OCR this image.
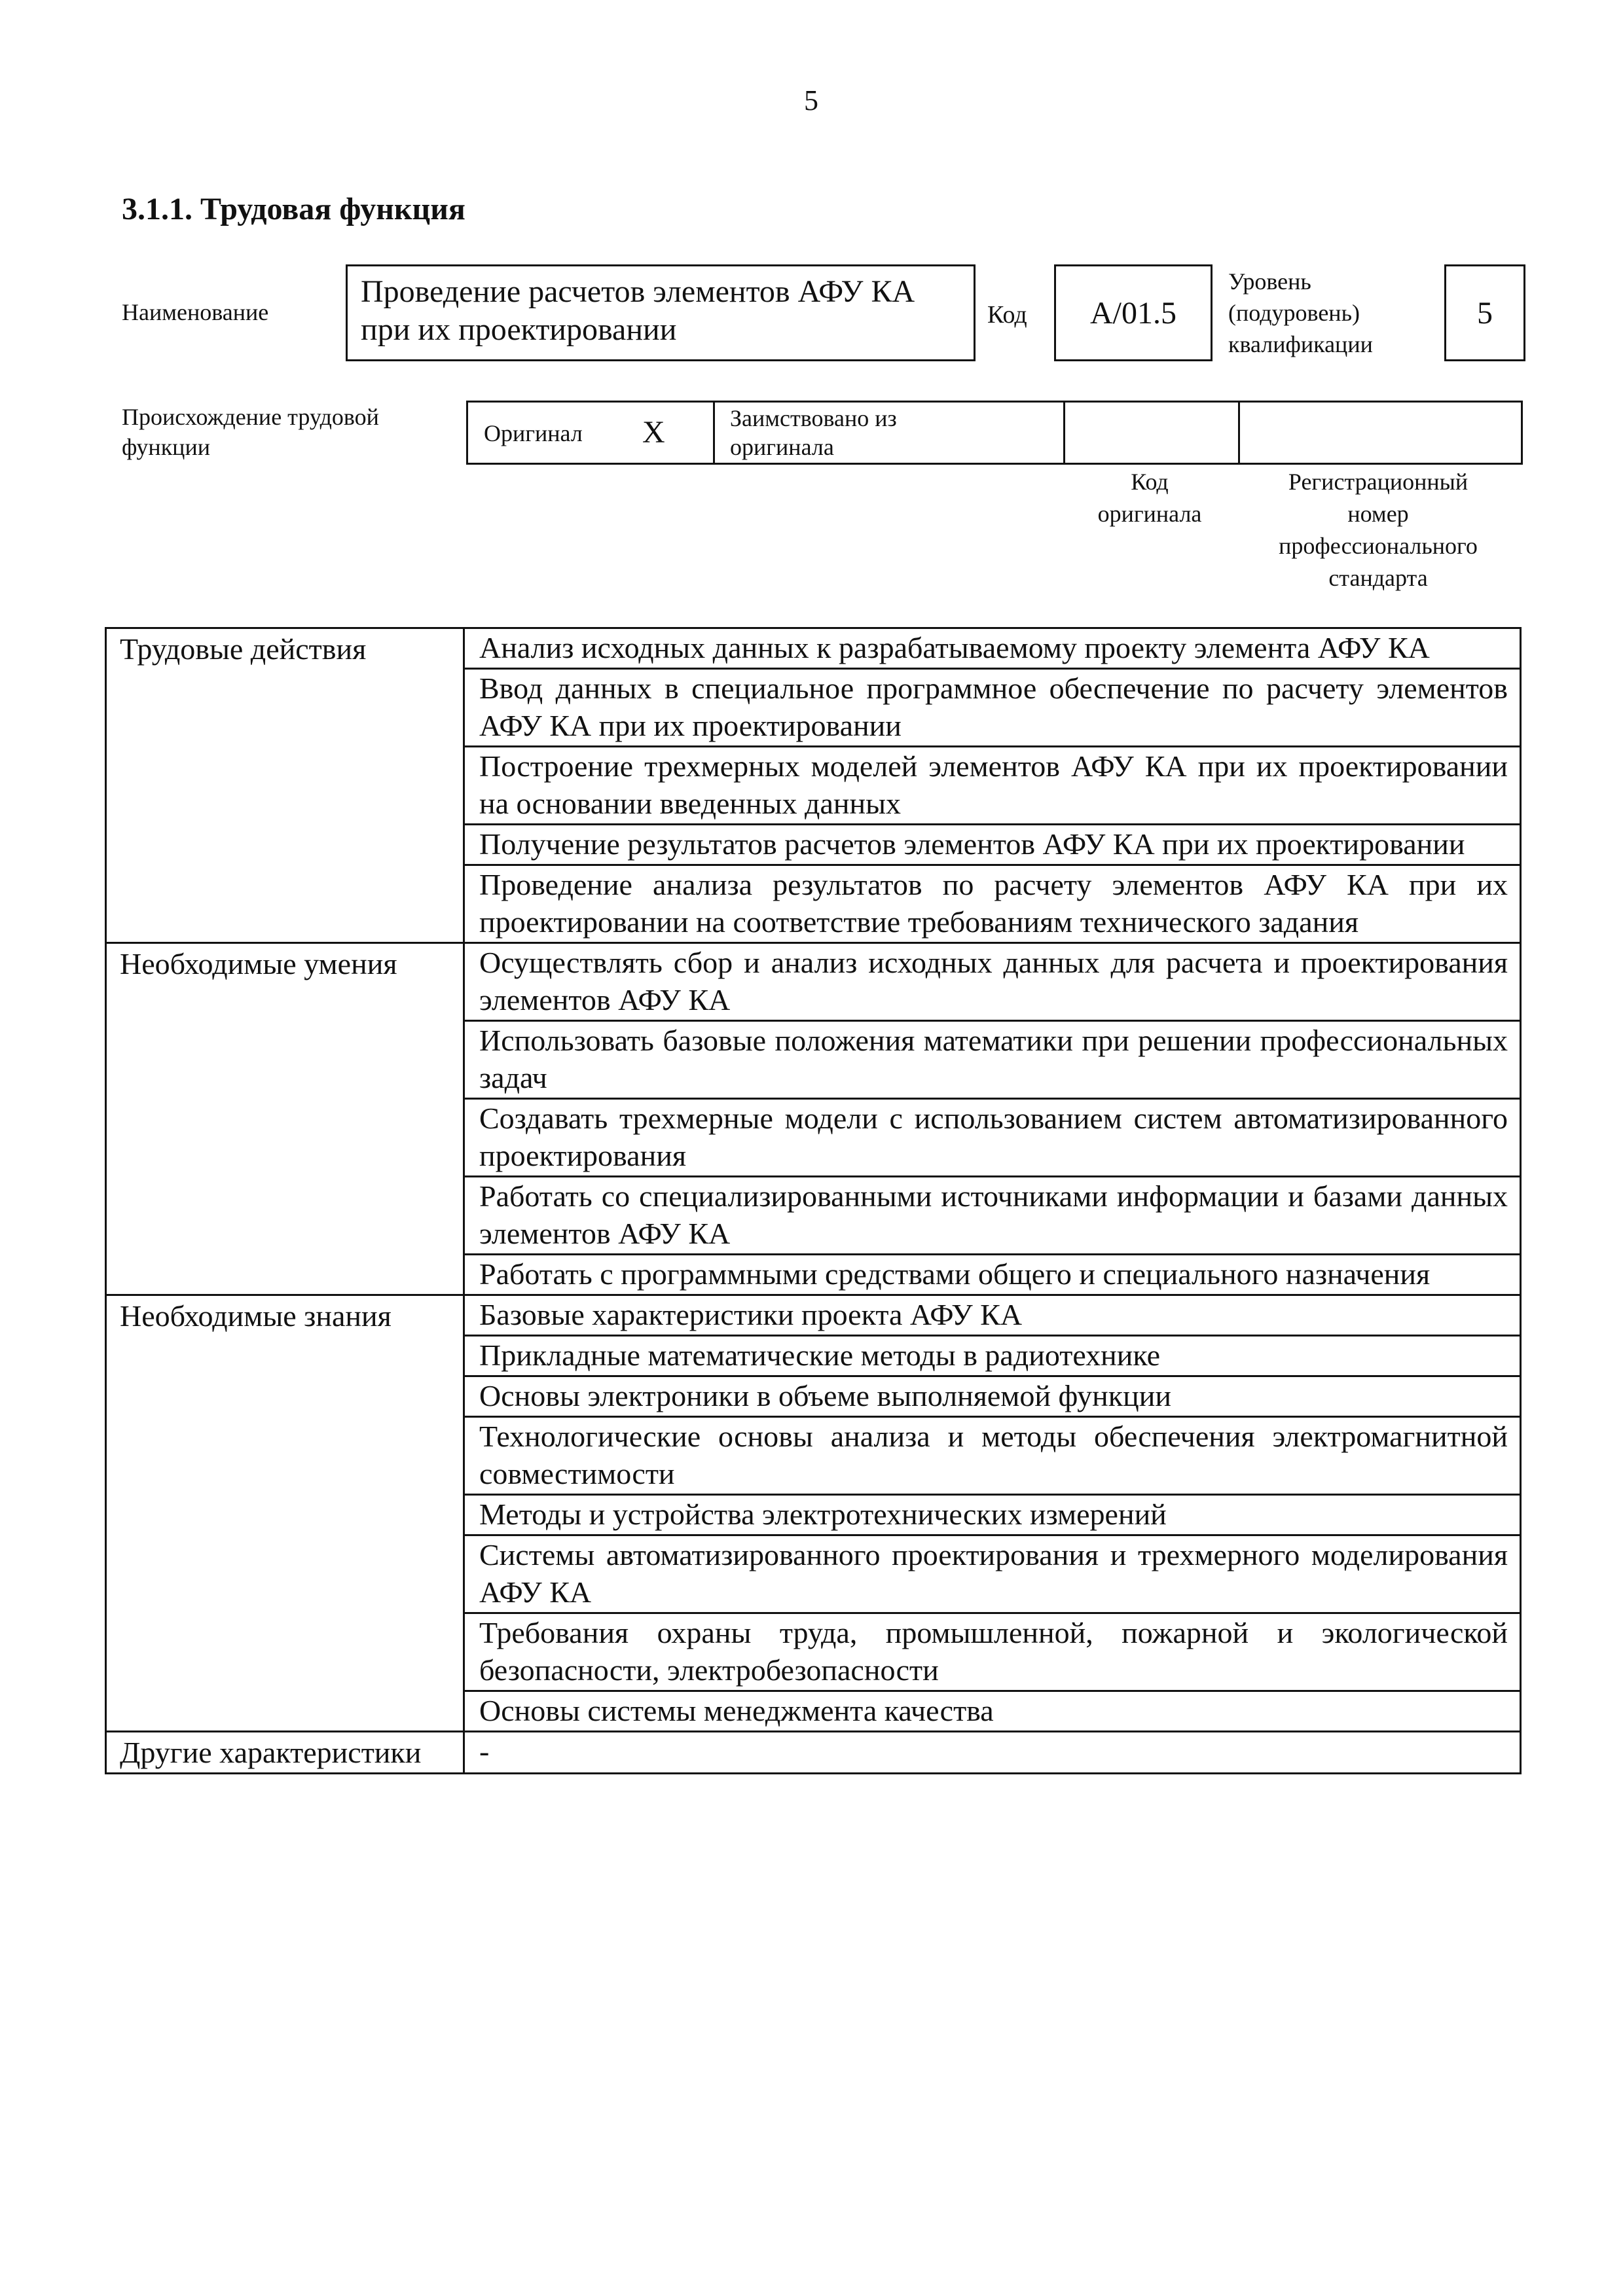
5
3.1.1. Трудовая функция
Наименование
Проведение расчетов элементов АФУ КА
при их проектировании	Код А/01.5
Уровень
(подуровень)
квалификации
5
Происхождение трудовой
функции
Оригинал X	Заимствовано из
оригинала
Код
оригинала
Регистрационный
номер
профессионального
стандарта
Трудовые действия	Анализ исходных данных к разрабатываемому проекту элемента АФУ КА
	Ввод данных в специальное программное обеспечение по расчету элементов АФУ КА при их проектировании
	Построение трехмерных моделей элементов АФУ КА при их проектировании на основании введенных данных
	Получение результатов расчетов элементов АФУ КА при их проектировании
	Проведение анализа результатов по расчету элементов АФУ КА при их проектировании на соответствие требованиям технического задания
Необходимые умения	Осуществлять сбор и анализ исходных данных для расчета и проектирования элементов АФУ КА
	Использовать базовые положения математики при решении профессиональных задач
	Создавать трехмерные модели с использованием систем автоматизированного проектирования
	Работать со специализированными источниками информации и базами данных элементов АФУ КА
	Работать с программными средствами общего и специального назначения
Необходимые знания	Базовые характеристики проекта АФУ КА
	Прикладные математические методы в радиотехнике
	Основы электроники в объеме выполняемой функции
	Технологические основы анализа и методы обеспечения электромагнитной совместимости
	Методы и устройства электротехнических измерений
	Системы автоматизированного проектирования и трехмерного моделирования АФУ КА
	Требования охраны труда, промышленной, пожарной и экологической безопасности, электробезопасности
	Основы системы менеджмента качества
Другие характеристики	-
